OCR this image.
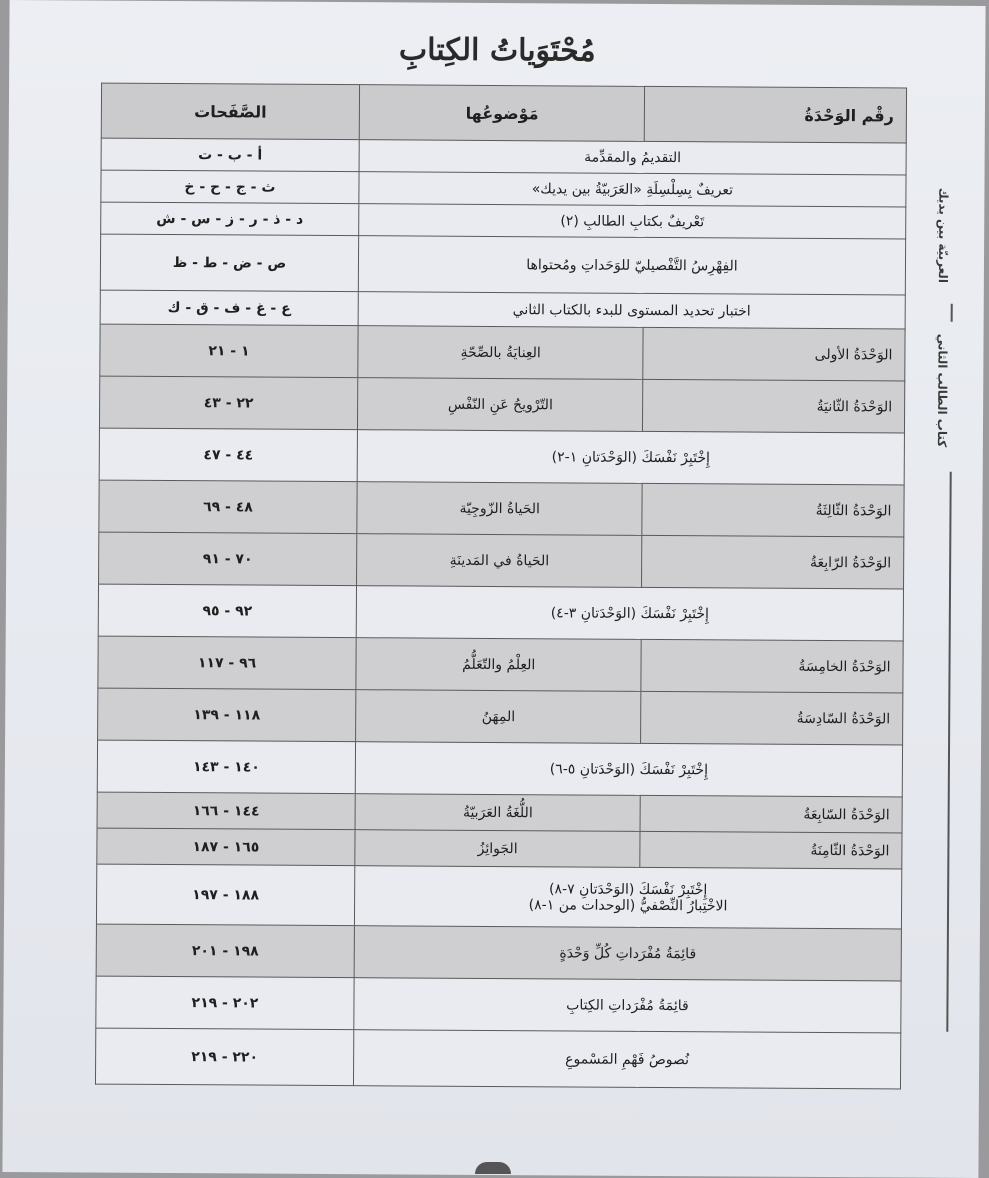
مُحْتَوَياتُ الكِتابِ
رقْم الوَحْدَةُ	مَوْضوعُها	الصَّفَحات

التقديمُ والمقدِّمة		أ - ب - ت

تعريفٌ بِسِلْسِلَةِ «العَرَبيّةُ بين يديك»		ث - ج - ح - خ

تَعْريفٌ بكتابِ الطالبِ (٢)		د - ذ - ر - ز - س - ش

الفِهْرِسُ التَّفْصيليّ للوَحَداتِ ومُحتواها		ص - ض - ط - ظ

اختبار تحديد المستوى للبدء بالكتاب الثاني		ع - غ - ف - ق - ك
الوَحْدَةُ الأولى	العِنايَةُ بالصِّحّةِ	١ - ٢١
الوَحْدَةُ الثّانيَةُ	التّرْويحُ عَنِ النّفْسِ	٢٢ - ٤٣

إِخْتَبِرْ نَفْسَكَ (الوَحْدَتانِ ١-٢)		٤٤ - ٤٧
الوَحْدَةُ الثّالِثَةُ	الحَياةُ الزّوجِيّة	٤٨ - ٦٩
الوَحْدَةُ الرّابِعَةُ	الحَياةُ في المَدينَةِ	٧٠ - ٩١

إِخْتَبِرْ نَفْسَكَ (الوَحْدَتانِ ٣-٤)		٩٢ - ٩٥
الوَحْدَةُ الخامِسَةُ	العِلْمُ والتّعَلُّمُ	٩٦ - ١١٧
الوَحْدَةُ السّادِسَةُ	المِهَنُ	١١٨ - ١٣٩

إِخْتَبِرْ نَفْسَكَ (الوَحْدَتانِ ٥-٦)		١٤٠ - ١٤٣
الوَحْدَةُ السّابِعَةُ	اللُّغَةُ العَرَبيّةُ	١٤٤ - ١٦٦
الوَحْدَةُ الثّامِنَةُ	الجَوائِزُ	١٦٥ - ١٨٧

إِخْتَبِرْ نَفْسَكَ (الوَحْدَتانِ ٧-٨)
الاخْتِبارُ النِّصْفيُّ (الوحدات من ١-٨)		١٨٨ - ١٩٧

قائِمَةُ مُفْرَداتِ كُلِّ وَحْدَةٍ		١٩٨ - ٢٠١

قائِمَةُ مُفْرَداتِ الكِتابِ		٢٠٢ - ٢١٩

نُصوصُ فَهْمِ المَسْموعِ		٢٢٠ - ٢١٩
العربيّة بين يديك
كتاب الطالب الثاني
